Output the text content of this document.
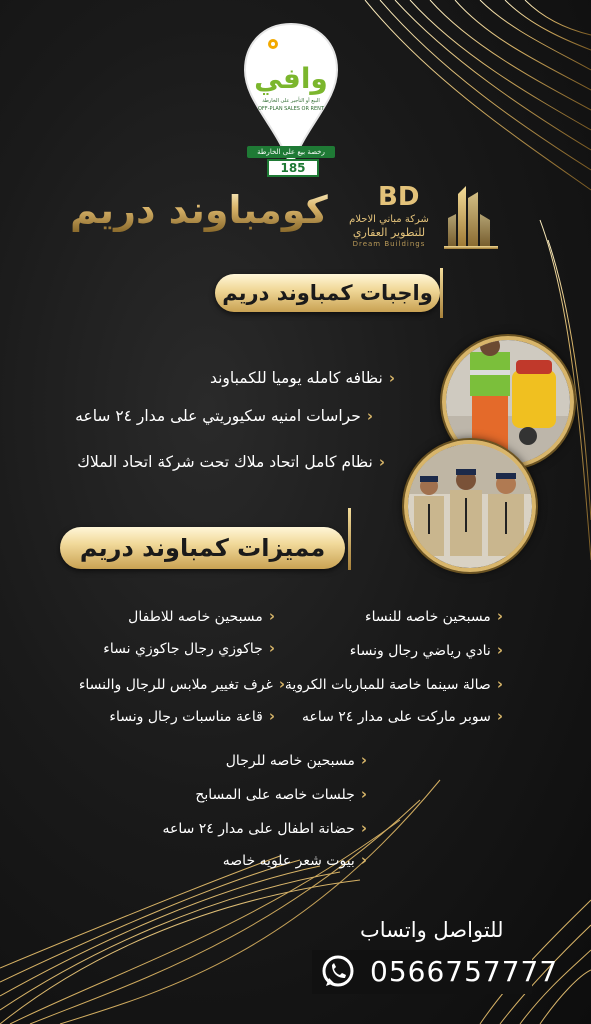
وافي
البيع أو التأجير على الخارطة
OFF-PLAN SALES OR RENT
رخصة بيع على الخارطة
185
كومباوند دريم BD
شركة مباني الاحلام
للتطوير العقاري
Dream Buildings
واجبات كمباوند دريم
‹نظافه كامله يوميا للكمباوند
‹حراسات امنيه سكيوريتي على مدار ٢٤ ساعه
‹نظام كامل اتحاد ملاك تحت شركة اتحاد الملاك
مميزات كمباوند دريم
‹مسبحين خاصه للنساء
‹نادي رياضي رجال ونساء
‹صالة سينما خاصة للمباريات الكروية
‹سوبر ماركت على مدار ٢٤ ساعه
‹مسبحين خاصه للاطفال
‹جاكوزي رجال جاكوزي نساء
‹غرف تغيير ملابس للرجال والنساء
‹قاعة مناسبات رجال ونساء
‹مسبحين خاصه للرجال
‹جلسات خاصه على المسابح
‹حضانة اطفال على مدار ٢٤ ساعه
‹بيوت شعر علويه خاصه
للتواصل واتساب
0566757777
